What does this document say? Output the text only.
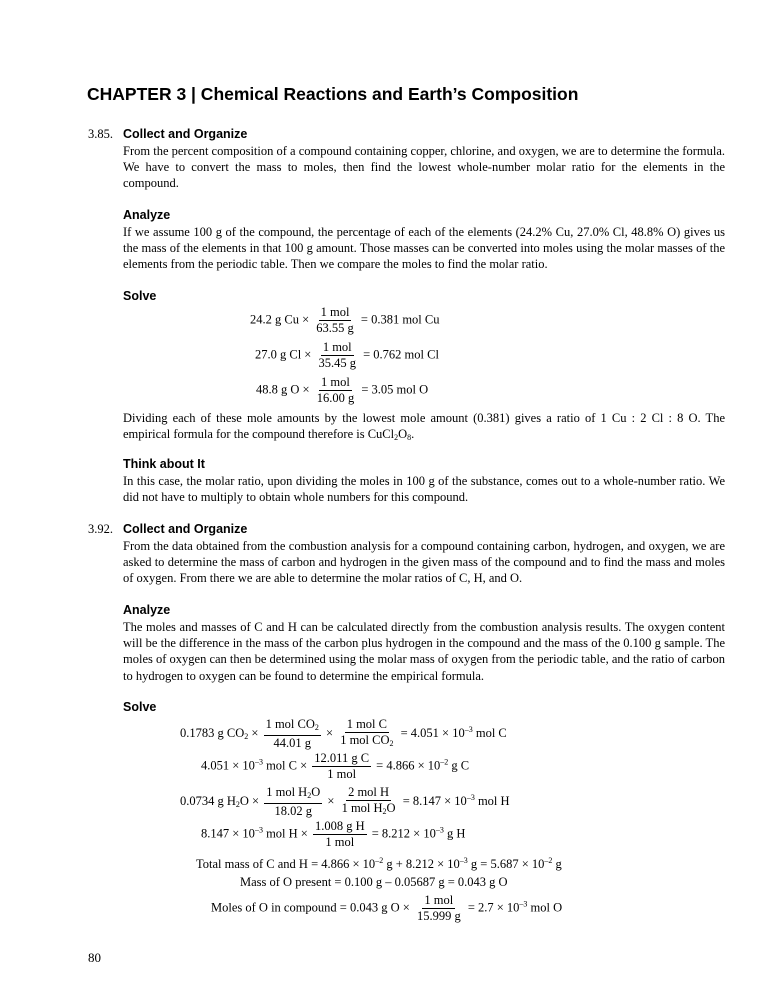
CHAPTER 3 | Chemical Reactions and Earth’s Composition
3.85. Collect and Organize
From the percent composition of a compound containing copper, chlorine, and oxygen, we are to determine the formula. We have to convert the mass to moles, then find the lowest whole-number molar ratio for the elements in the compound.
Analyze
If we assume 100 g of the compound, the percentage of each of the elements (24.2% Cu, 27.0% Cl, 48.8% O) gives us the mass of the elements in that 100 g amount. Those masses can be converted into moles using the molar masses of the elements from the periodic table. Then we compare the moles to find the molar ratio.
Solve
24.2 g $Cu \times \frac{\text{1 mol}}{63.55 g} = 0.381$ mol Cu
27.0 g $Cl \times \frac{\text{1 mol}}{35.45 g} = 0.762$ mol Cl
48.8 g $O \times \frac{\text{1 mol}}{16.00 g} = 3.05$ mol O
Dividing each of these mole amounts by the lowest mole amount (0.381) gives a ratio of 1 Cu : 2 Cl : 8 O. The empirical formula for the compound therefore is $CuCl_2O_8$.
Think about It
In this case, the molar ratio, upon dividing the moles in 100 g of the substance, comes out to a whole-number ratio. We did not have to multiply to obtain whole numbers for this compound.
3.92. Collect and Organize
From the data obtained from the combustion analysis for a compound containing carbon, hydrogen, and oxygen, we are asked to determine the mass of carbon and hydrogen in the given mass of the compound and to find the mass and moles of oxygen. From there we are able to determine the molar ratios of C, H, and O.
Analyze
The moles and masses of C and H can be calculated directly from the combustion analysis results. The oxygen content will be the difference in the mass of the carbon plus hydrogen in the compound and the mass of the 0.100 g sample. The moles of oxygen can then be determined using the molar mass of oxygen from the periodic table, and the ratio of carbon to hydrogen to oxygen can be found to determine the empirical formula.
Solve
0.1783 g $CO_2 \times \frac{1 mol CO_2}{44.01 g} \times \frac{\text{1 mol C}}{1 mol CO_2} = 4.051 \times 10^{-3}$ mol C
$4.051 \times 10^{-3}$ mol $C \times \frac{\text{12.011 g C}}{\text{1 mol}} = 4.866 \times 10^{-2}$ g C
0.0734 g $H_2O \times \frac{1 mol H_2O}{18.02 g} \times \frac{\text{2 mol H}}{1 mol H_2O} = 8.147 \times 10^{-3}$ mol H
$8.147 \times 10^{-3}$ mol $H \times \frac{\text{1.008 g H}}{\text{1 mol}} = 8.212 \times 10^{-3}$ g H
Total mass of C and $H = 4.866 \times 10^{-2}$ $g + 8.212 \times 10^{-3}$ $g = 5.687 \times 10^{-2}$ g
Mass of O present = 0.100 g – 0.05687 g = 0.043 g O
Moles of O in compound = 0.043 g $O \times \frac{\text{1 mol}}{15.999 g} = 2.7 \times 10^{-3}$ mol O
80
